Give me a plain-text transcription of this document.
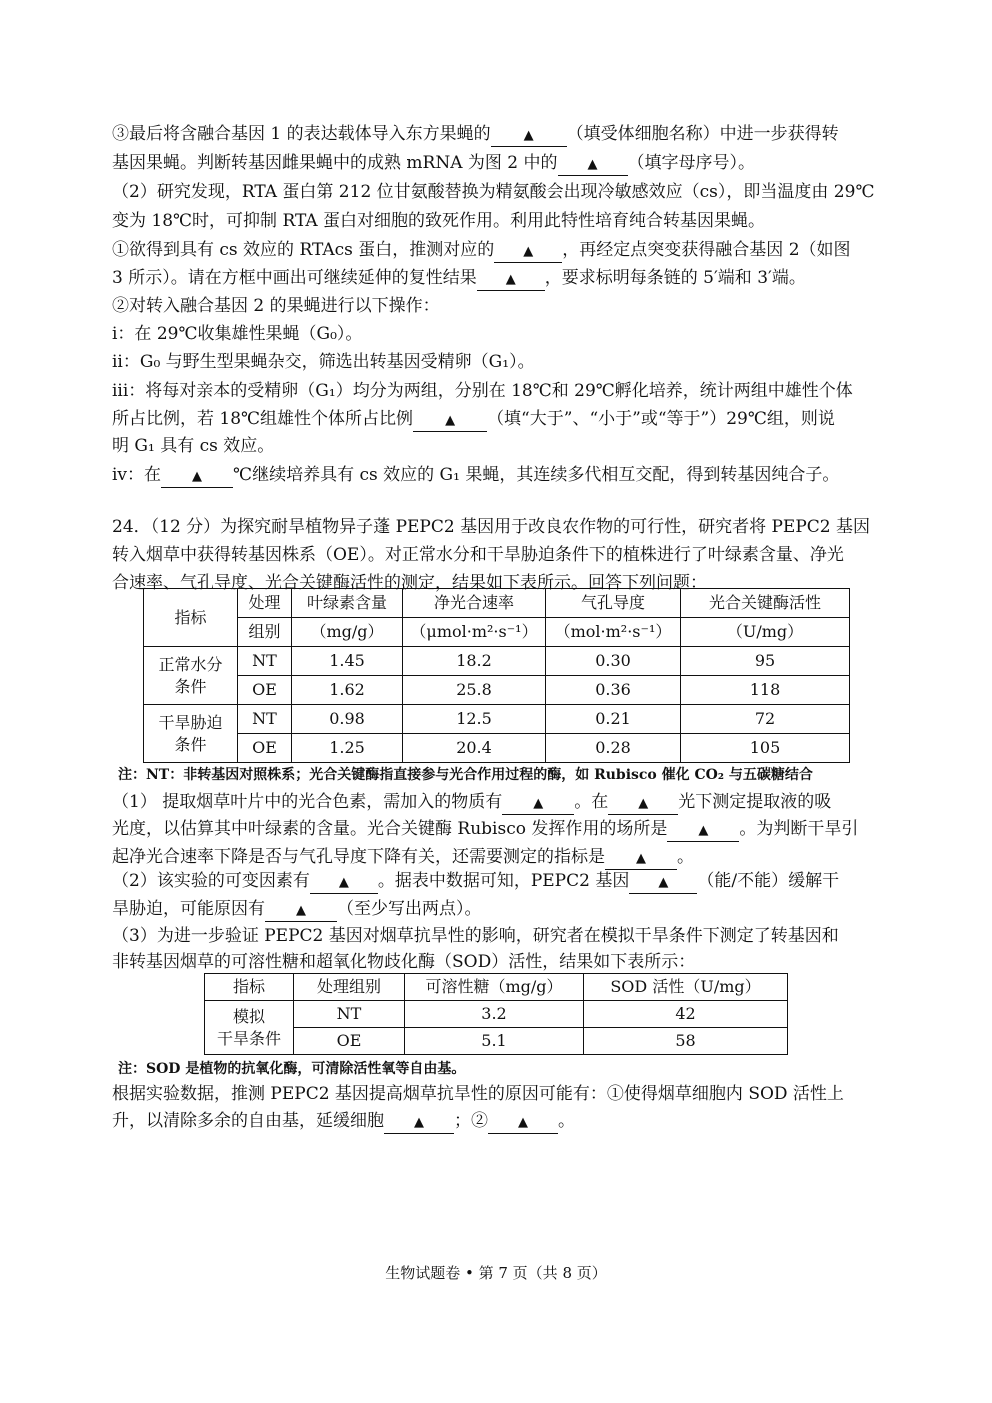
③最后将含融合基因 1 的表达载体导入东方果蝇的	▲ （填受体细胞名称）中进一步获得转
基因果蝇。判断转基因雌果蝇中的成熟 mRNA 为图 2 中的 ▲ （填字母序号）。
（2）研究发现，RTA 蛋白第 212 位甘氨酸替换为精氨酸会出现冷敏感效应（cs），即当温度由 29℃
变为 18℃时，可抑制 RTA 蛋白对细胞的致死作用。利用此特性培育纯合转基因果蝇。
①欲得到具有 cs 效应的 RTAcs 蛋白，推测对应的 ▲ ，再经定点突变获得融合基因 2（如图
3 所示）。请在方框中画出可继续延伸的复性结果 ▲ ，要求标明每条链的 5′端和 3′端。
②对转入融合基因 2 的果蝇进行以下操作：
i：在 29℃收集雄性果蝇（G₀）。
ii：G₀ 与野生型果蝇杂交，筛选出转基因受精卵（G₁）。
iii：将每对亲本的受精卵（G₁）均分为两组，分别在 18℃和 29℃孵化培养，统计两组中雄性个体
所占比例，若 18℃组雄性个体所占比例 ▲ （填“大于”、“小于”或“等于”）29℃组，则说
明 G₁ 具有 cs 效应。
iv：在 ▲ ℃继续培养具有 cs 效应的 G₁ 果蝇，其连续多代相互交配，得到转基因纯合子。
24．（12 分）为探究耐旱植物异子蓬 PEPC2 基因用于改良农作物的可行性，研究者将 PEPC2 基因
转入烟草中获得转基因株系（OE）。对正常水分和干旱胁迫条件下的植株进行了叶绿素含量、净光
合速率、气孔导度、光合关键酶活性的测定，结果如下表所示。回答下列问题：
指标	处理	叶绿素含量	净光合速率	气孔导度	光合关键酶活性
	组别	（mg/g）	（μmol·m²·s⁻¹）	（mol·m²·s⁻¹）	（U/mg）

正常水分
条件	NT	1.45	18.2	0.30	95
	OE	1.62	25.8	0.36	118

干旱胁迫
条件	NT	0.98	12.5	0.21	72
	OE	1.25	20.4	0.28	105
注：NT：非转基因对照株系；光合关键酶指直接参与光合作用过程的酶，如 Rubisco 催化 CO₂ 与五碳糖结合
（1） 提取烟草叶片中的光合色素，需加入的物质有 ▲ 。在 ▲ 光下测定提取液的吸
光度，以估算其中叶绿素的含量。光合关键酶 Rubisco 发挥作用的场所是 ▲ 。为判断干旱引
起净光合速率下降是否与气孔导度下降有关，还需要测定的指标是 ▲ 。
（2）该实验的可变因素有 ▲ 。据表中数据可知，PEPC2 基因 ▲ （能/不能）缓解干
旱胁迫，可能原因有 ▲ （至少写出两点）。
（3）为进一步验证 PEPC2 基因对烟草抗旱性的影响，研究者在模拟干旱条件下测定了转基因和
非转基因烟草的可溶性糖和超氧化物歧化酶（SOD）活性，结果如下表所示：
指标	处理组别	可溶性糖（mg/g）	SOD 活性（U/mg）

模拟
干旱条件	NT	3.2	42
	OE	5.1	58
注：SOD 是植物的抗氧化酶，可清除活性氧等自由基。
根据实验数据，推测 PEPC2 基因提高烟草抗旱性的原因可能有：①使得烟草细胞内 SOD 活性上
升，以清除多余的自由基，延缓细胞 ▲ ；② ▲ 。
生物试题卷 • 第 7 页（共 8 页）
